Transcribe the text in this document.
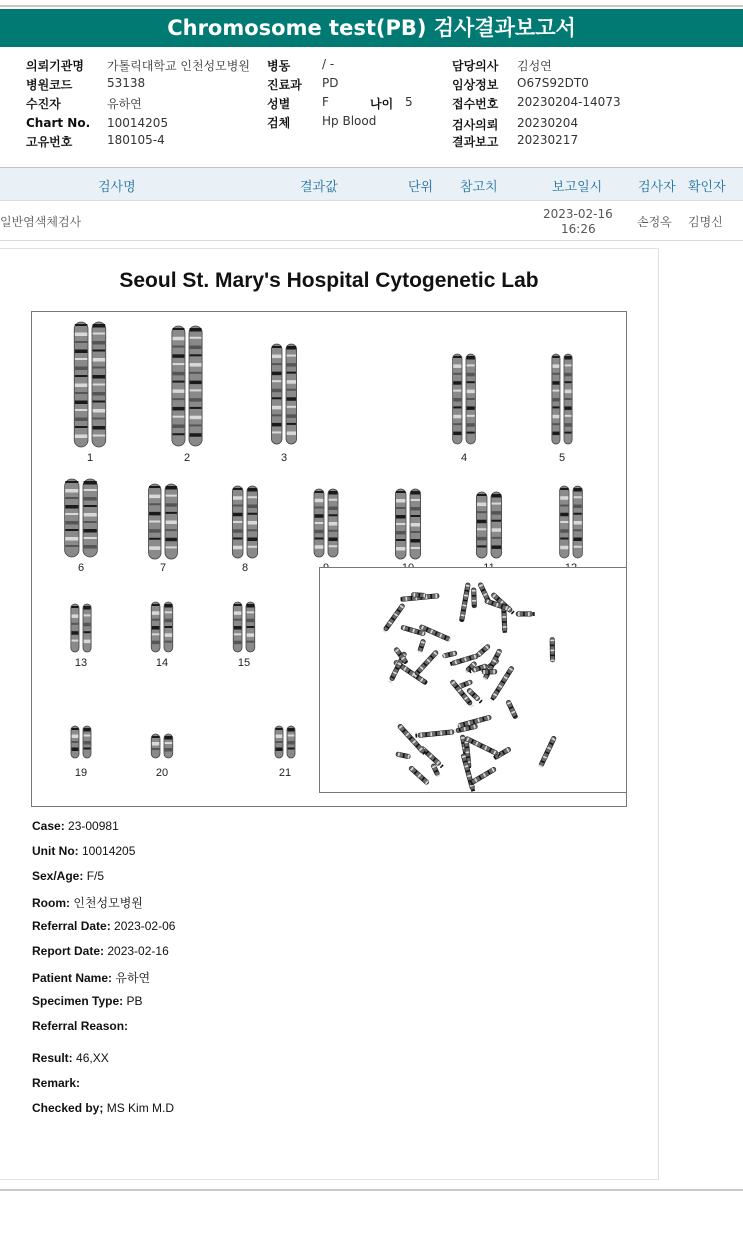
Chromosome test(PB) 검사결과보고서
의뢰기관명 가톨릭대학교 인천성모병원
병원코드	53138
수진자	유하연
Chart No. 10014205
고유번호	180105-4
병동	/ -
진료과 PD
성별	F	나이 5
검체	Hp Blood
담당의사 김성연
임상정보 O67S92DT0
접수번호 20230204-14073
검사의뢰 20230204
결과보고 20230217
검사명	결과값	단위 참고치	보고일시	검사자 확인자
일반염색체검사
2023-02-16
16:26	손정옥 김명신
Seoul St. Mary's Hospital Cytogenetic Lab
1	2	3	4	5
6	7	8
13	14	15
19	20	21
Case: 23-00981
Unit No: 10014205
Sex/Age: F/5
Room: 인천성모병원
Referral Date: 2023-02-06
Report Date: 2023-02-16
Patient Name: 유하연
Specimen Type: PB
Referral Reason:
Result: 46,XX
Remark:
Checked by; MS Kim M.D
